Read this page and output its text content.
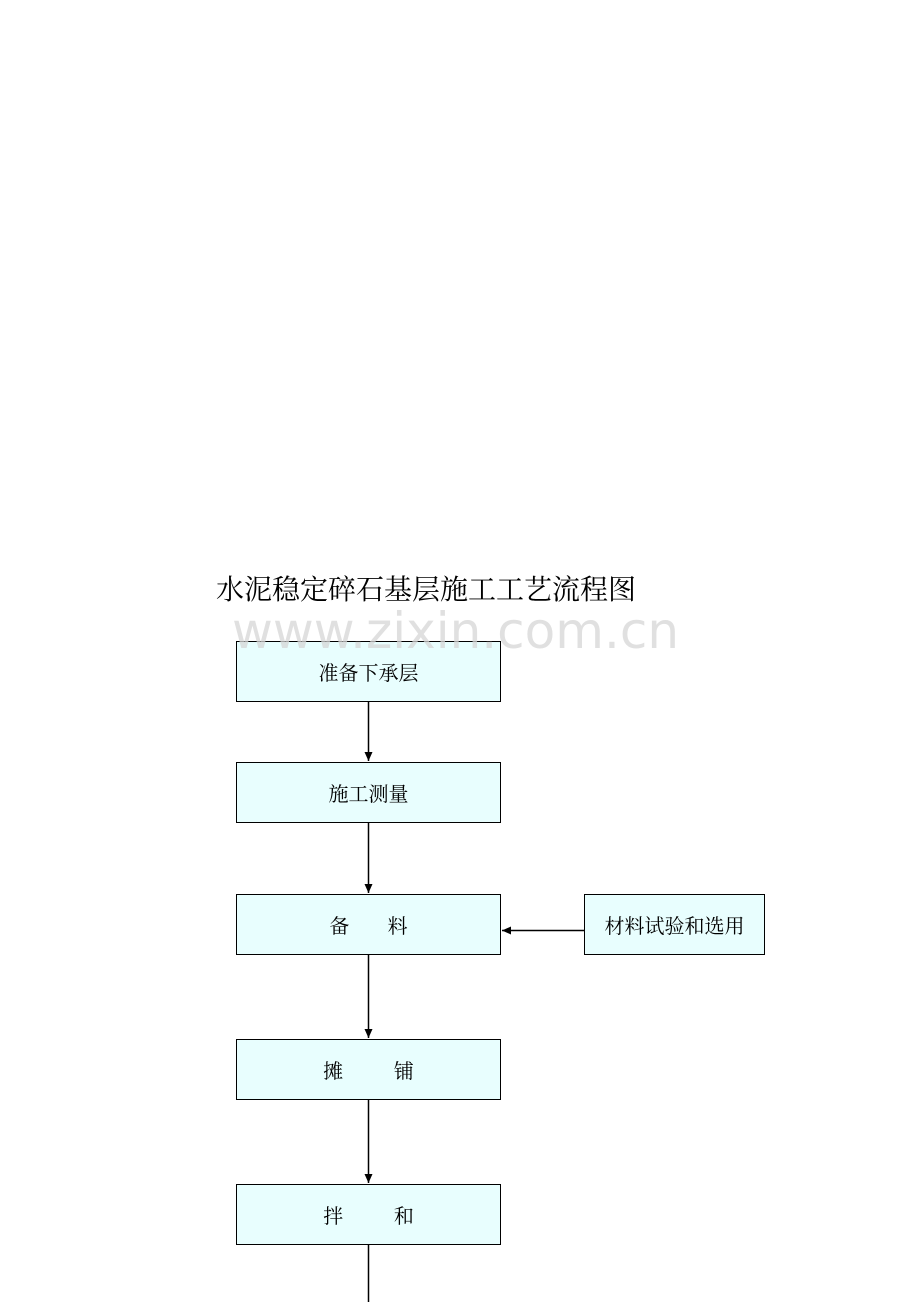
水泥稳定碎石基层施工工艺流程图
www.zixin.com.cn
准备下承层
施工测量
备      料
摊        铺
拌        和
材料试验和选用
